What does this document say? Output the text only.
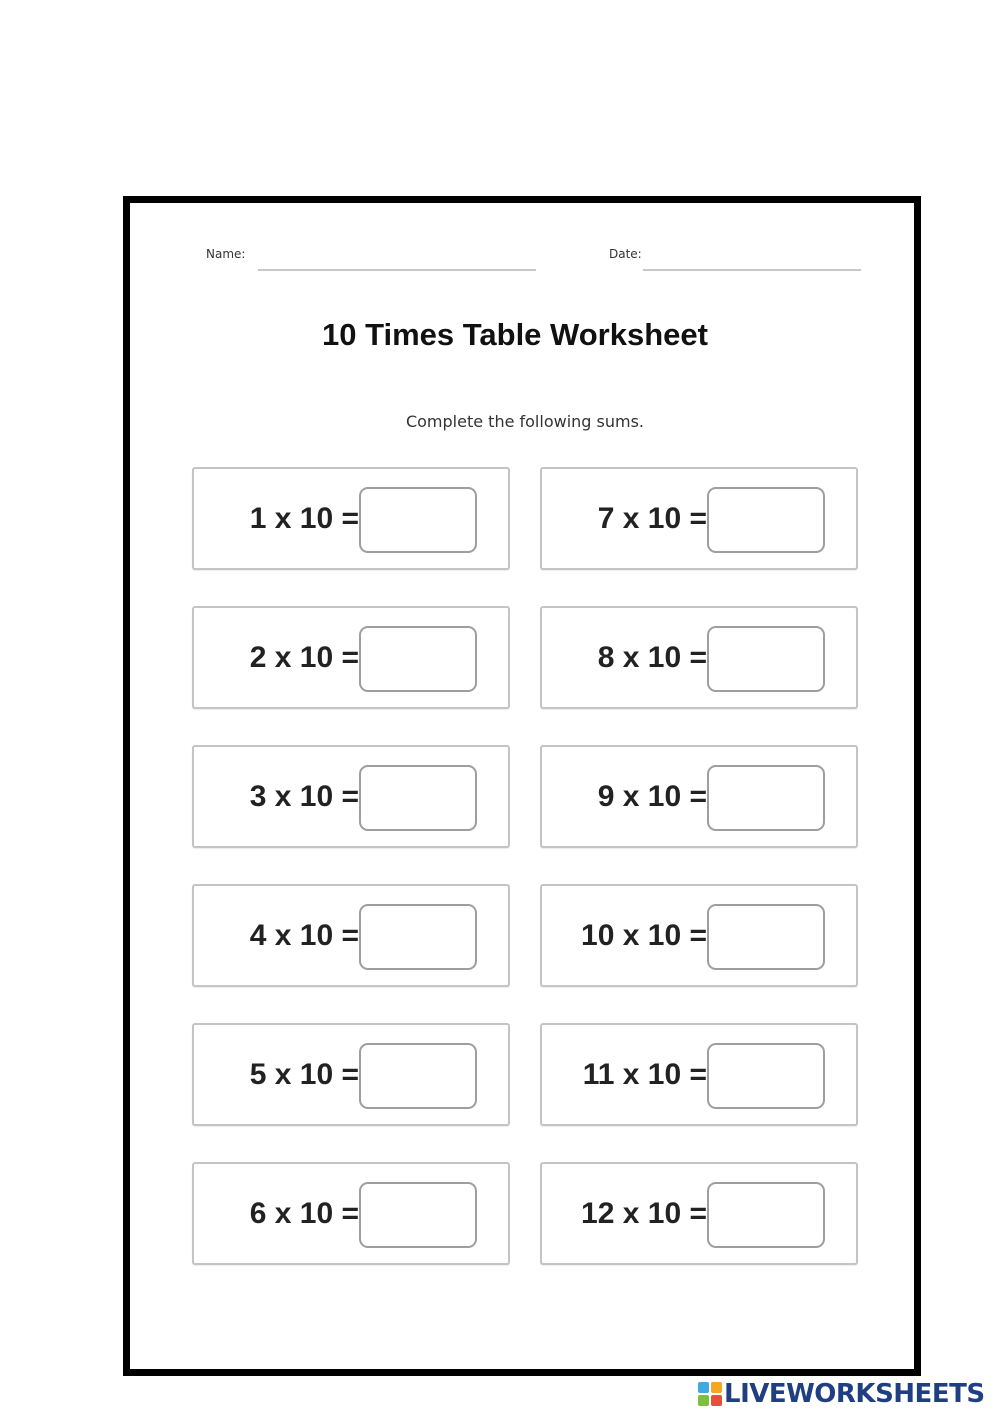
Name:	Date:
10 Times Table Worksheet
Complete the following sums.
1 x 10 =	7 x 10 =
2 x 10 =	8 x 10 =
3 x 10 =	9 x 10 =
4 x 10 =	10 x 10 =
5 x 10 =	11 x 10 =
6 x 10 =	12 x 10 =
LIVEWORKSHEETS
